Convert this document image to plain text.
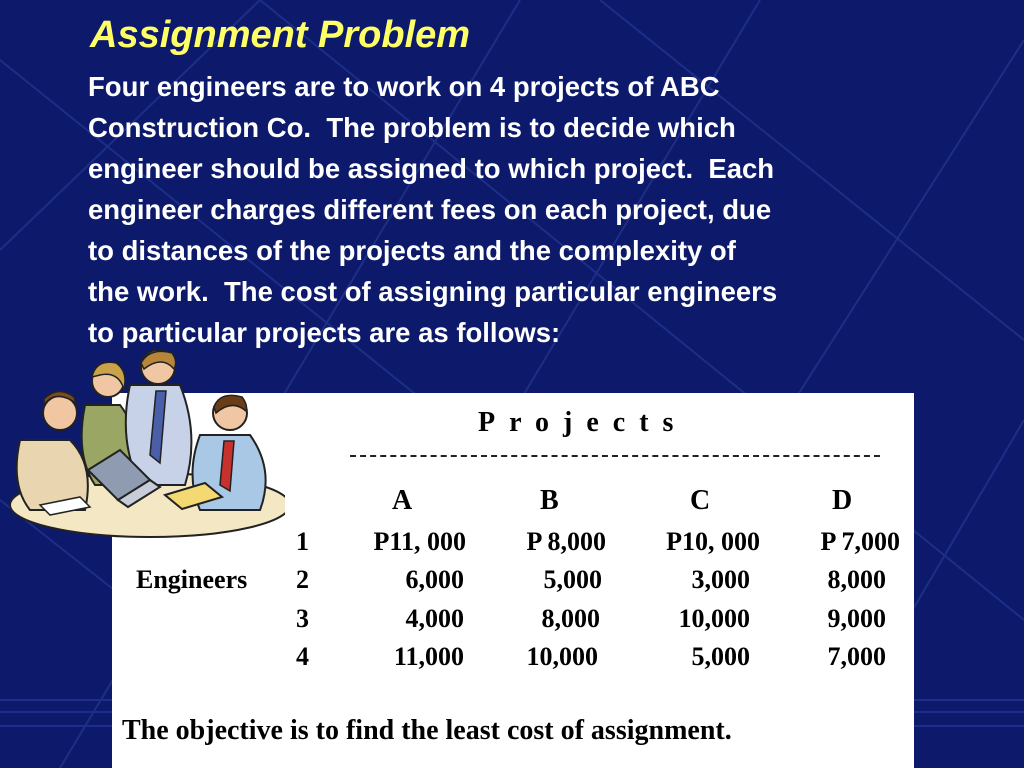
Assignment Problem
Four engineers are to work on 4 projects of ABC
Construction Co.  The problem is to decide which
engineer should be assigned to which project.  Each
engineer charges different fees on each project, due
to distances of the projects and the complexity of
the work.  The cost of assigning particular engineers
to particular projects are as follows:
Projects
A	B	C	D
Engineers
1	P11, 000	P 8,000	P10, 000	P 7,000
2	6,000	5,000	3,000	8,000
3	4,000	8,000	10,000	9,000
4	11,000	10,000	5,000	7,000
The objective is to find the least cost of assignment.
